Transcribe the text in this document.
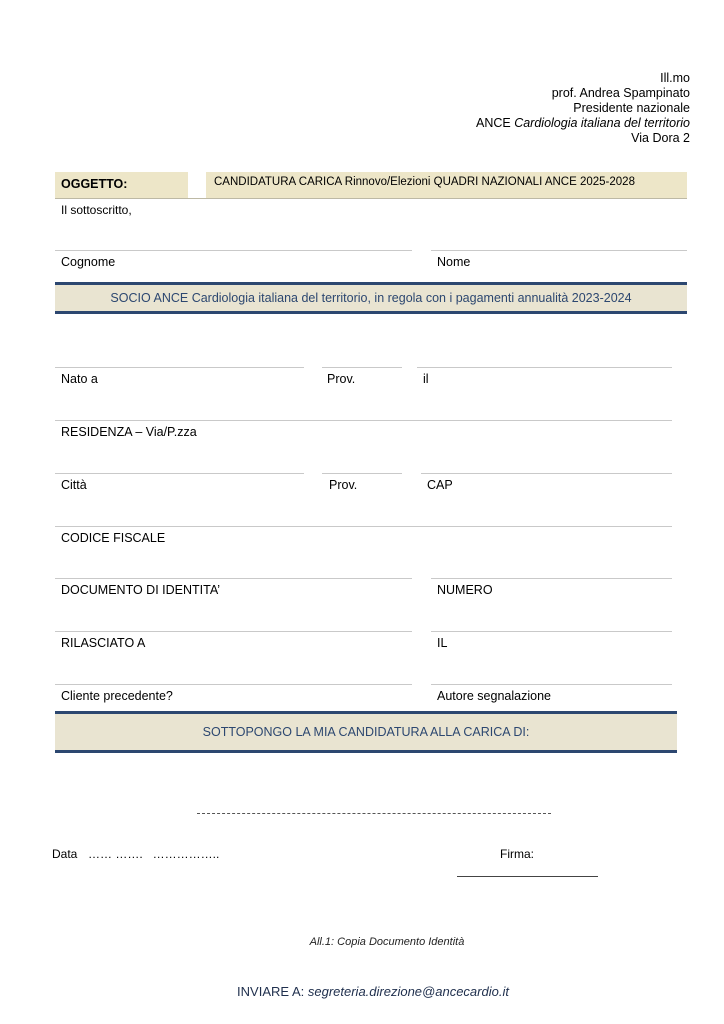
Ill.mo
prof. Andrea Spampinato
Presidente nazionale
ANCE Cardiologia italiana del territorio
Via Dora 2
OGGETTO:	CANDIDATURA CARICA Rinnovo/Elezioni QUADRI NAZIONALI ANCE 2025-2028
Il sottoscritto,
Cognome	Nome
SOCIO ANCE Cardiologia italiana del territorio, in regola con i pagamenti annualità 2023-2024
Nato a	Prov.	il
RESIDENZA – Via/P.zza
Città	Prov.	CAP
CODICE FISCALE
DOCUMENTO DI IDENTITA’	NUMERO
RILASCIATO A	IL
Cliente precedente?	Autore segnalazione
SOTTOPONGO LA MIA CANDIDATURA ALLA CARICA DI:
Data …… …….   ……………..	Firma:
All.1: Copia Documento Identità
INVIARE A: segreteria.direzione@ancecardio.it
